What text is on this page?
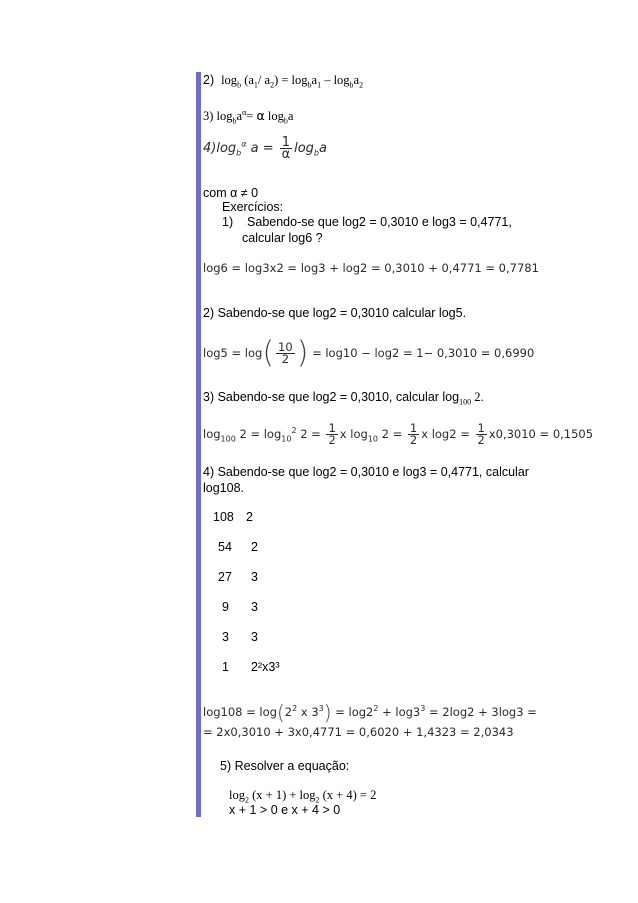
2) $\log_b (a_1/$ $a_2) = \log_ba_1 - \log_ba_2$
3) $\log_ba^\alpha= \alpha$ $\log_ba$
$4)\log_b^\alpha$ $a = \frac{1}{\alpha} \log_ba$
com α ≠ 0
Exercícios:
1) Sabendo-se que log2 = 0,3010 e log3 = 0,4771,
calcular log6 ?
log6 = log3x2 = log3 + log2 = 0,3010 + 0,4771 = 0,7781
2) Sabendo-se que log2 = 0,3010 calcular log5.
$\log 5 = \log( \frac{10}{2}$ ) = log10 − log2 = 1− 0,3010 = 0,6990
3) Sabendo-se que log2 = 0,3010, calcular $\log_{100} 2$.
$\log_{100} 2 = \log_{10}^2 2 = \frac{1}{2}$ x $\log_{10} 2 = \frac{1}{2}$ x $\log 2 = \frac{1}{2} x0,3010 = 0,1505$
4) Sabendo-se que log2 = 0,3010 e log3 = 0,4771, calcular
log108.
108 2
54 2
27 3
9 3
3 3
1 2²x3³
$\log 108 = \log(2^2$ x $3^3) = \log 2^2 + \log 3^3 = 2\log 2 + 3\log 3$ =
= 2x0,3010 + 3x0,4771 = 0,6020 + 1,4323 = 2,0343
5) Resolver a equação:
$\log_2 (x + 1) + \log_2 (x + 4) = 2$
x + 1 > 0 e x + 4 > 0
